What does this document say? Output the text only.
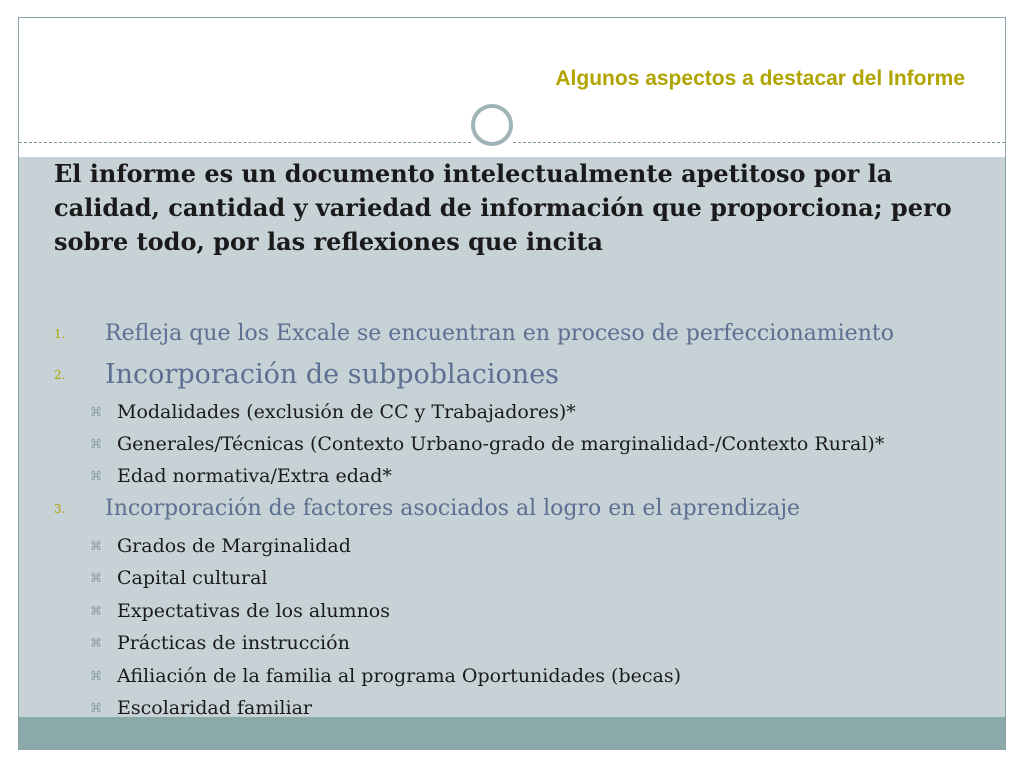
Algunos aspectos a destacar del Informe
El informe es un documento intelectualmente apetitoso por la calidad, cantidad y variedad de información que proporciona; pero sobre todo, por las reflexiones que incita
1. Refleja que los Excale se encuentran en proceso de perfeccionamiento
2. Incorporación de subpoblaciones
⌘ Modalidades (exclusión de CC y Trabajadores)*
⌘ Generales/Técnicas (Contexto Urbano-grado de marginalidad-/Contexto Rural)*
⌘ Edad normativa/Extra edad*
3. Incorporación de factores asociados al logro en el aprendizaje
⌘ Grados de Marginalidad
⌘ Capital cultural
⌘ Expectativas de los alumnos
⌘ Prácticas de instrucción
⌘ Afiliación de la familia al programa Oportunidades (becas)
⌘ Escolaridad familiar
